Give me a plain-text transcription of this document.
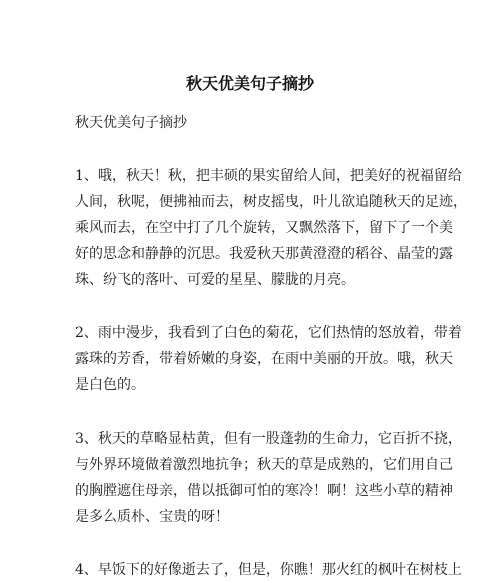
秋天优美句子摘抄
秋天优美句子摘抄
1、哦，秋天！秋，把丰硕的果实留给人间，把美好的祝福留给
人间，秋呢，便拂袖而去，树皮摇曳，叶儿欲追随秋天的足迹，
乘风而去，在空中打了几个旋转，又飘然落下，留下了一个美
好的思念和静静的沉思。我爱秋天那黄澄澄的稻谷、晶莹的露
珠、纷飞的落叶、可爱的星星、朦胧的月亮。
2、雨中漫步，我看到了白色的菊花，它们热情的怒放着，带着
露珠的芳香，带着娇嫩的身姿，在雨中美丽的开放。哦，秋天
是白色的。
3、秋天的草略显枯黄，但有一股蓬勃的生命力，它百折不挠，
与外界环境做着激烈地抗争；秋天的草是成熟的，它们用自己
的胸膛遮住母亲，借以抵御可怕的寒冷！啊！这些小草的精神
是多么质朴、宝贵的呀！
4、早饭下的好像逝去了，但是，你瞧！那火红的枫叶在树枝上
